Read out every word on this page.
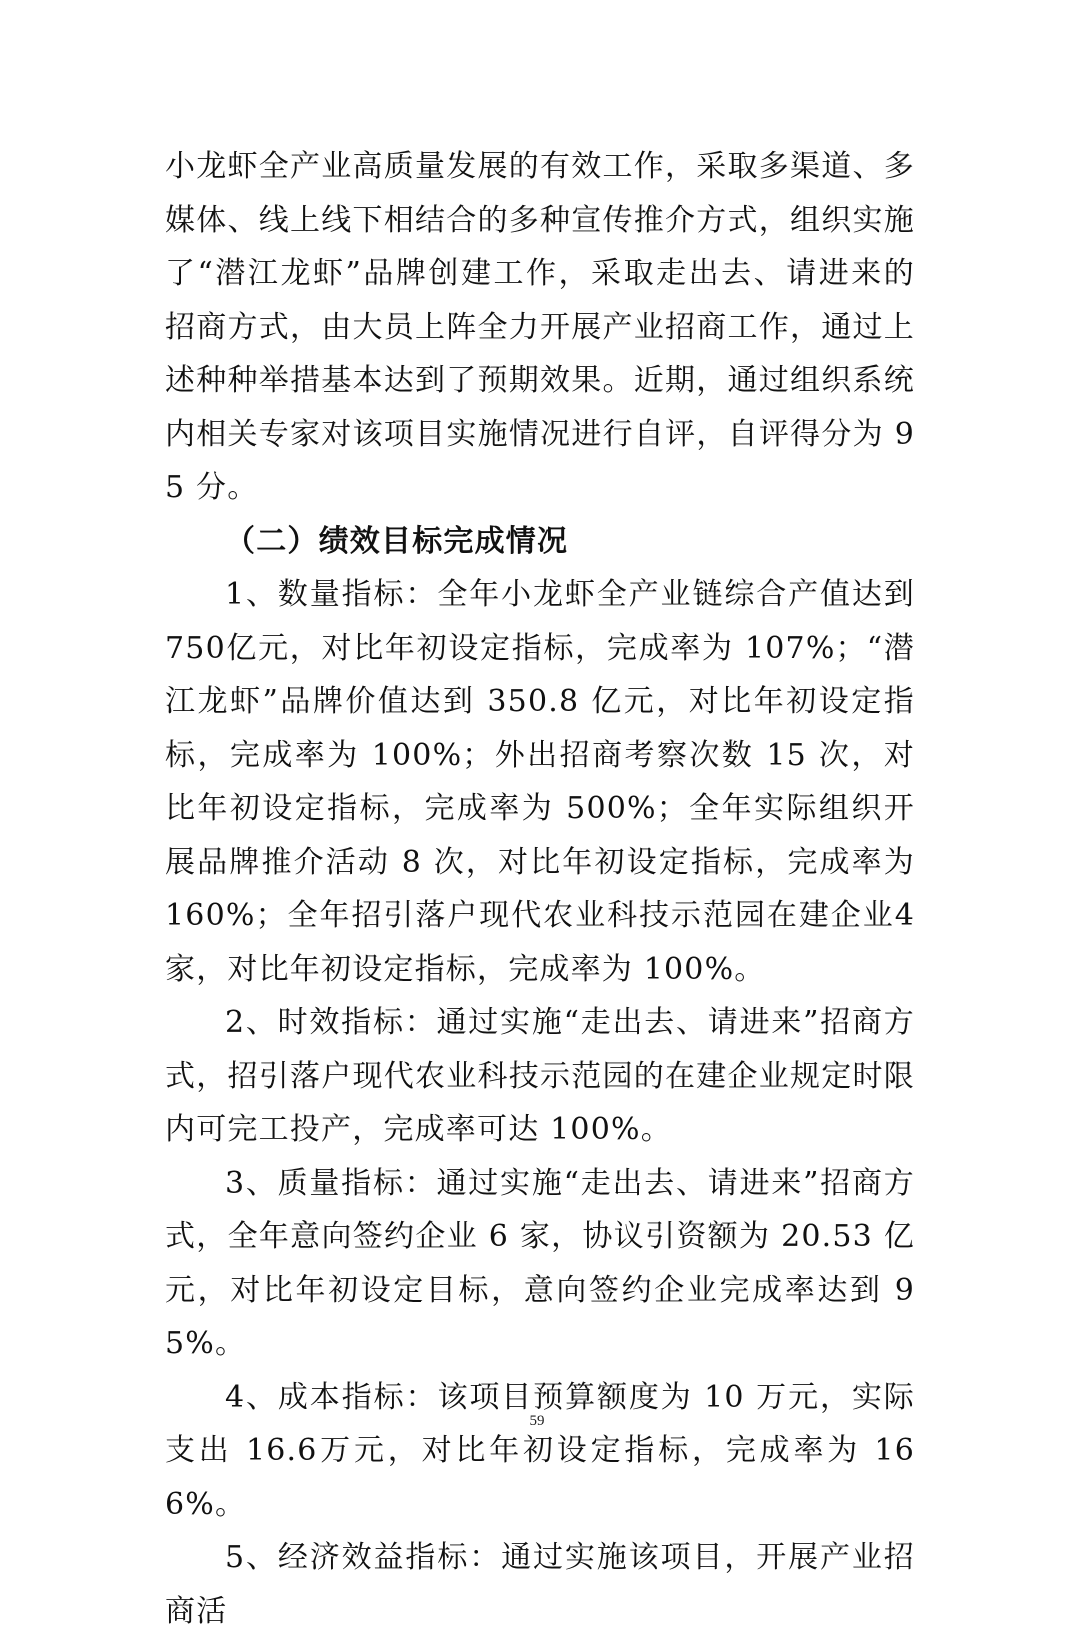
小龙虾全产业高质量发展的有效工作，采取多渠道、多媒体、线上线下相结合的多种宣传推介方式，组织实施了“潜江龙虾”品牌创建工作，采取走出去、请进来的招商方式，由大员上阵全力开展产业招商工作，通过上述种种举措基本达到了预期效果。近期，通过组织系统内相关专家对该项目实施情况进行自评，自评得分为 95 分。

（二）绩效目标完成情况

1、数量指标：全年小龙虾全产业链综合产值达到 750亿元，对比年初设定指标，完成率为 107%；“潜江龙虾”品牌价值达到 350.8 亿元，对比年初设定指标，完成率为 100%；外出招商考察次数 15 次，对比年初设定指标，完成率为 500%；全年实际组织开展品牌推介活动 8 次，对比年初设定指标，完成率为 160%；全年招引落户现代农业科技示范园在建企业4 家，对比年初设定指标，完成率为 100%。

2、时效指标：通过实施“走出去、请进来”招商方式，招引落户现代农业科技示范园的在建企业规定时限内可完工投产，完成率可达 100%。

3、质量指标：通过实施“走出去、请进来”招商方式，全年意向签约企业 6 家，协议引资额为 20.53 亿元，对比年初设定目标，意向签约企业完成率达到 95%。

4、成本指标：该项目预算额度为 10 万元，实际支出 16.6万元，对比年初设定指标，完成率为 166%。

5、经济效益指标：通过实施该项目，开展产业招商活

59
